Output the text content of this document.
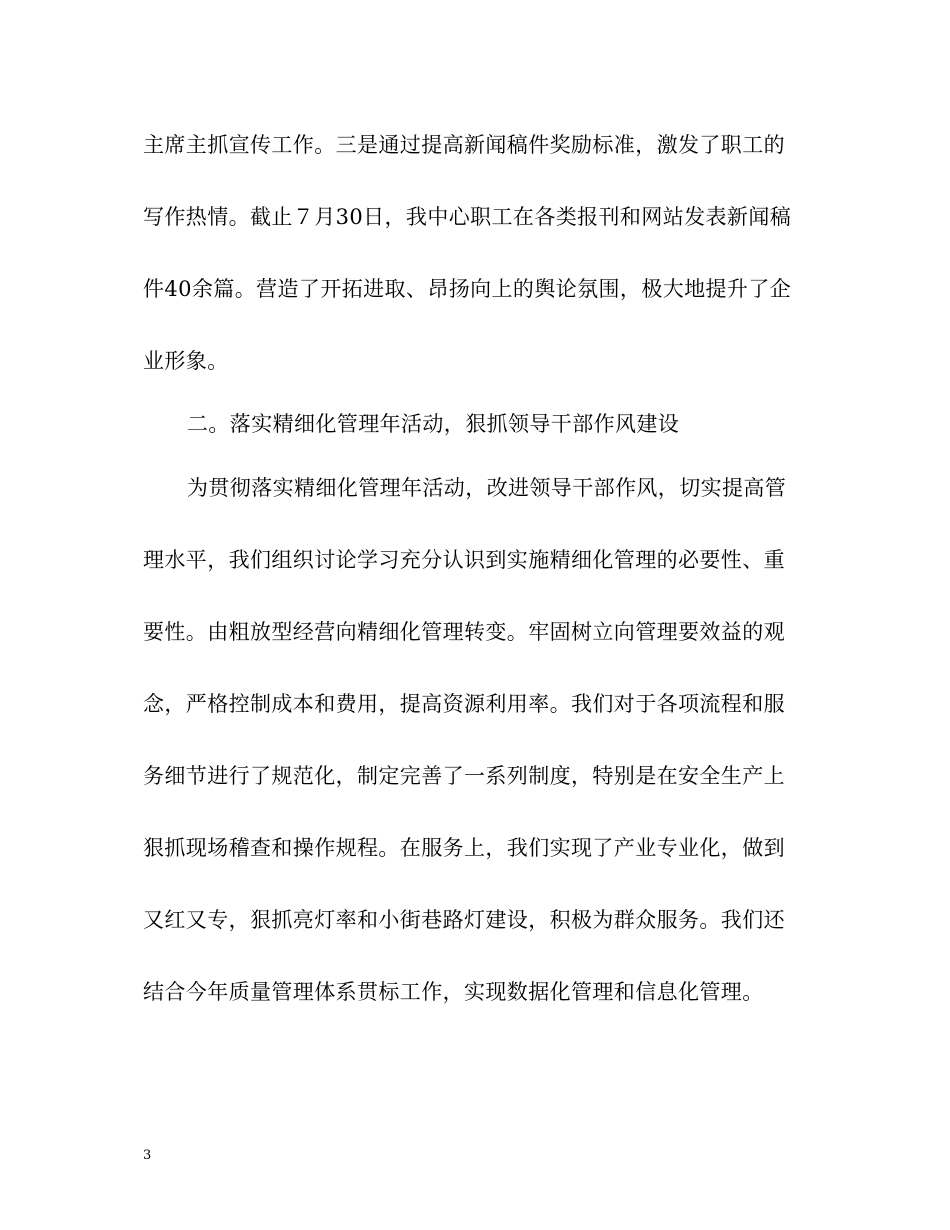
主席主抓宣传工作。三是通过提高新闻稿件奖励标准，激发了职工的
写作热情。截止７月30日，我中心职工在各类报刊和网站发表新闻稿
件40余篇。营造了开拓进取、昂扬向上的舆论氛围，极大地提升了企
业形象。
二。落实精细化管理年活动，狠抓领导干部作风建设
为贯彻落实精细化管理年活动，改进领导干部作风，切实提高管
理水平，我们组织讨论学习充分认识到实施精细化管理的必要性、重
要性。由粗放型经营向精细化管理转变。牢固树立向管理要效益的观
念，严格控制成本和费用，提高资源利用率。我们对于各项流程和服
务细节进行了规范化，制定完善了一系列制度，特别是在安全生产上
狠抓现场稽查和操作规程。在服务上，我们实现了产业专业化，做到
又红又专，狠抓亮灯率和小街巷路灯建设，积极为群众服务。我们还
结合今年质量管理体系贯标工作，实现数据化管理和信息化管理。
3
